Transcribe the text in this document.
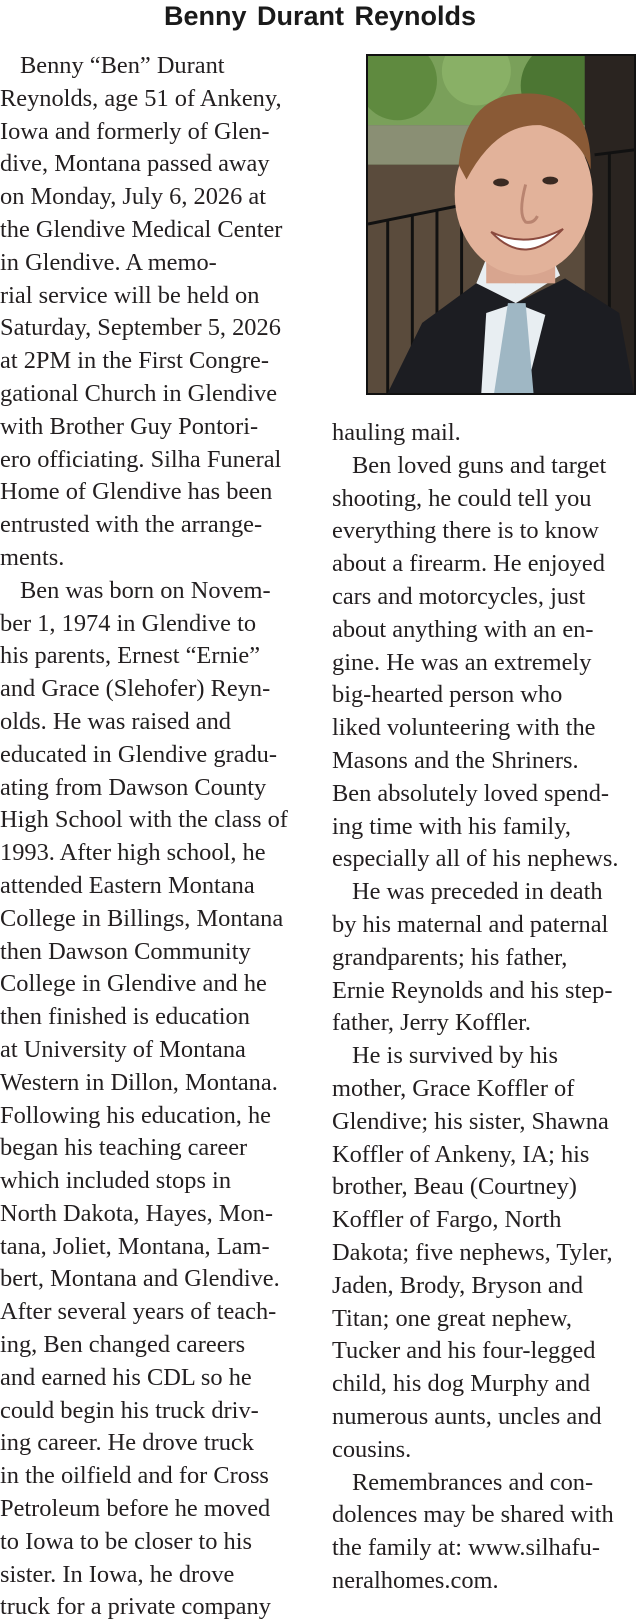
Benny Durant Reynolds
Benny “Ben” Durant
Reynolds, age 51 of Ankeny,
Iowa and formerly of Glen-
dive, Montana passed away
on Monday, July 6, 2026 at
the Glendive Medical Center
in Glendive. A memo-
rial service will be held on
Saturday, September 5, 2026
at 2PM in the First Congre-
gational Church in Glendive
with Brother Guy Pontori-
ero officiating. Silha Funeral
Home of Glendive has been
entrusted with the arrange-
ments.
Ben was born on Novem-
ber 1, 1974 in Glendive to
his parents, Ernest “Ernie”
and Grace (Slehofer) Reyn-
olds. He was raised and
educated in Glendive gradu-
ating from Dawson County
High School with the class of
1993. After high school, he
attended Eastern Montana
College in Billings, Montana
then Dawson Community
College in Glendive and he
then finished is education
at University of Montana
Western in Dillon, Montana.
Following his education, he
began his teaching career
which included stops in
North Dakota, Hayes, Mon-
tana, Joliet, Montana, Lam-
bert, Montana and Glendive.
After several years of teach-
ing, Ben changed careers
and earned his CDL so he
could begin his truck driv-
ing career. He drove truck
in the oilfield and for Cross
Petroleum before he moved
to Iowa to be closer to his
sister. In Iowa, he drove
truck for a private company
hauling mail.
Ben loved guns and target
shooting, he could tell you
everything there is to know
about a firearm. He enjoyed
cars and motorcycles, just
about anything with an en-
gine. He was an extremely
big-hearted person who
liked volunteering with the
Masons and the Shriners.
Ben absolutely loved spend-
ing time with his family,
especially all of his nephews.
He was preceded in death
by his maternal and paternal
grandparents; his father,
Ernie Reynolds and his step-
father, Jerry Koffler.
He is survived by his
mother, Grace Koffler of
Glendive; his sister, Shawna
Koffler of Ankeny, IA; his
brother, Beau (Courtney)
Koffler of Fargo, North
Dakota; five nephews, Tyler,
Jaden, Brody, Bryson and
Titan; one great nephew,
Tucker and his four-legged
child, his dog Murphy and
numerous aunts, uncles and
cousins.
Remembrances and con-
dolences may be shared with
the family at: www.silhafu-
neralhomes.com.
